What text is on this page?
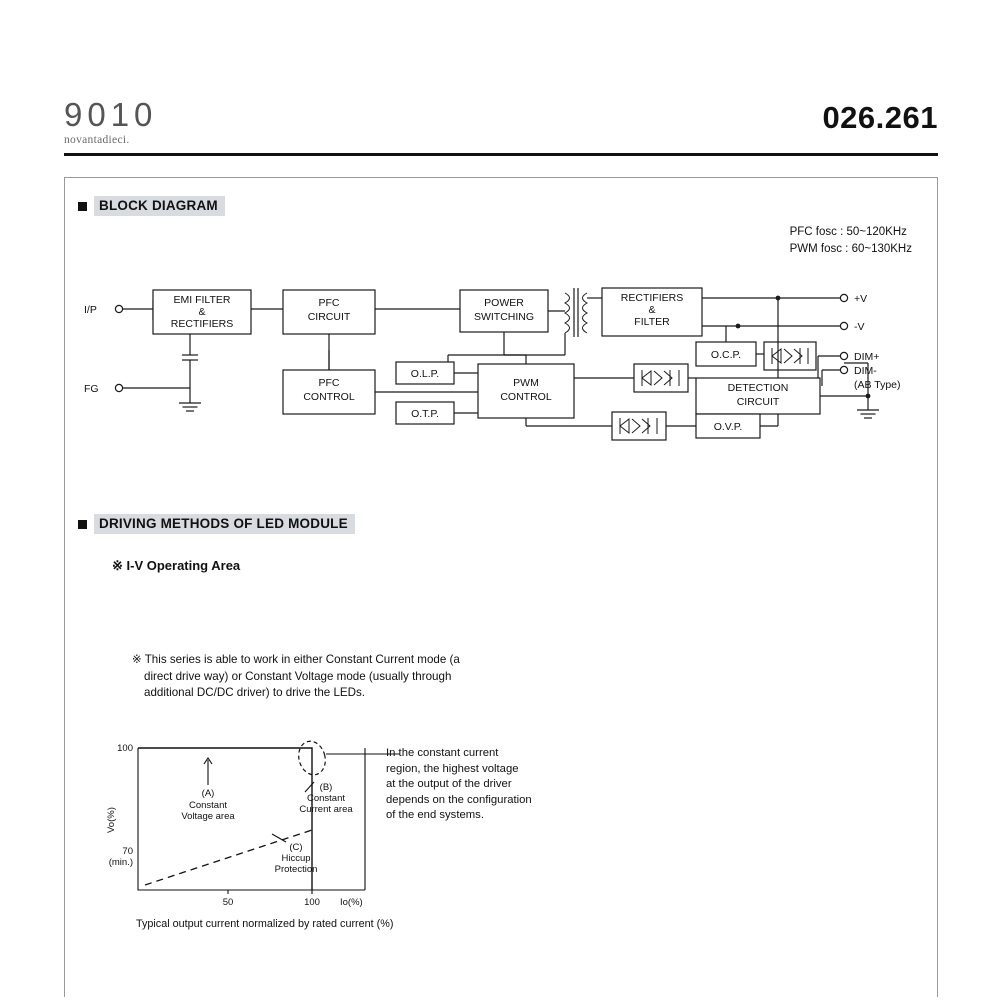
9010
novantadieci.
026.261
BLOCK DIAGRAM
PFC fosc : 50~120KHz
PWM fosc : 60~130KHz
I/P
FG
EMI FILTER
&
RECTIFIERS
PFC
CIRCUIT
POWER
SWITCHING
RECTIFIERS
&
FILTER
+V
-V
DIM+
DIM-
(AB Type)
O.C.P.
DETECTION
CIRCUIT
O.L.P.
O.T.P.
PFC
CONTROL
PWM
CONTROL
O.V.P.
DRIVING METHODS OF LED MODULE
※ I-V Operating Area
※ This series is able to work in either Constant Current mode (a
direct drive way) or Constant Voltage mode (usually through
additional DC/DC driver) to drive the LEDs.
100
70
(min.)
Vo(%)
50	100 Io(%)
(A)
Constant
Voltage area
(B)
Constant
Current area
(C)
Hiccup
Protection
In the constant current
region, the highest voltage
at the output of the driver
depends on the configuration
of the end systems.
Typical output current normalized by rated current (%)
